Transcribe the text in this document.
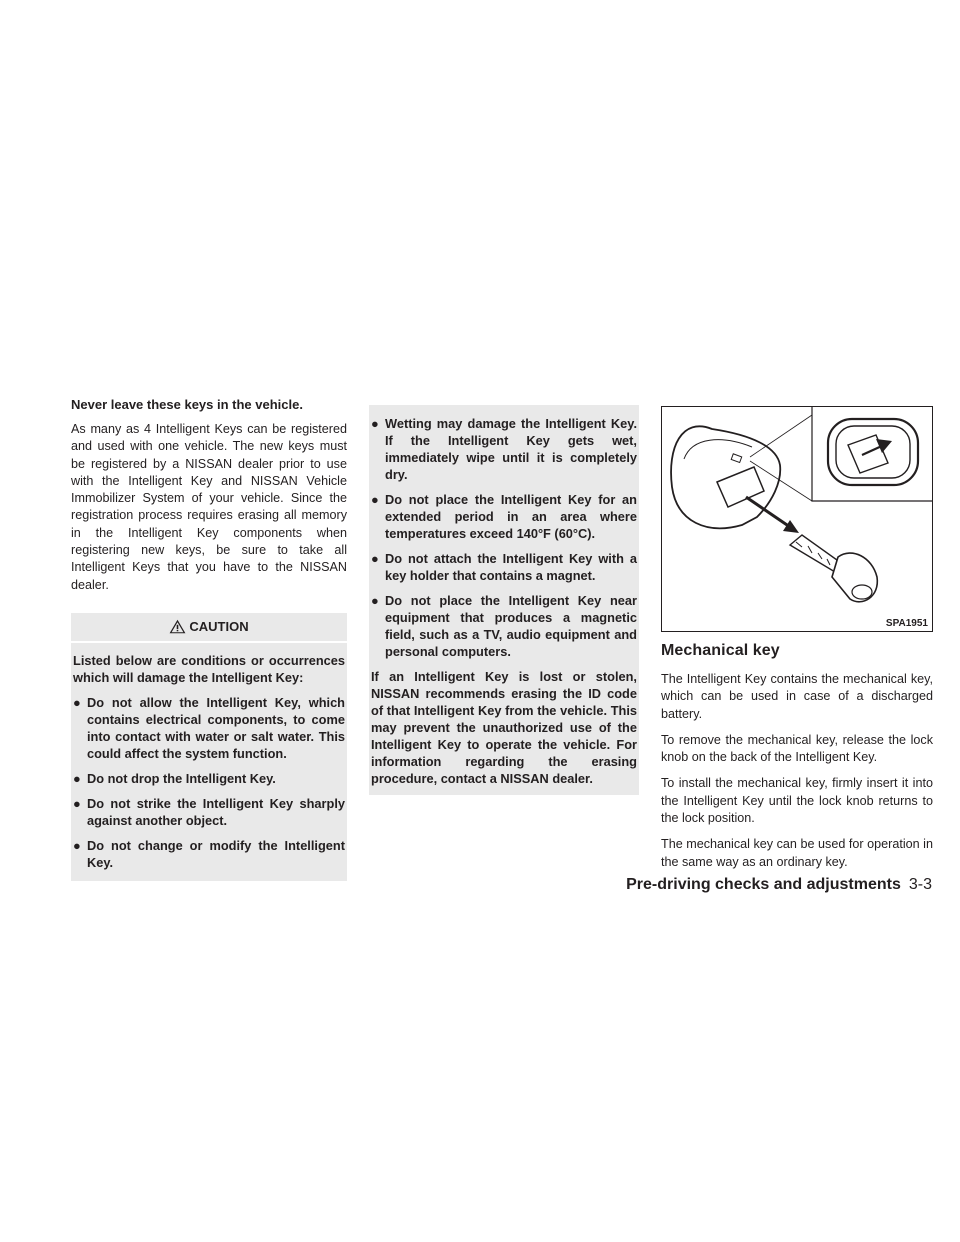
Never leave these keys in the vehicle.

As many as 4 Intelligent Keys can be registered and used with one vehicle. The new keys must be registered by a NISSAN dealer prior to use with the Intelligent Key and NISSAN Vehicle Immobilizer System of your vehicle. Since the registration process requires erasing all memory in the Intelligent Key components when registering new keys, be sure to take all Intelligent Keys that you have to the NISSAN dealer.

CAUTION

Listed below are conditions or occurrences which will damage the Intelligent Key:

● Do not allow the Intelligent Key, which contains electrical components, to come into contact with water or salt water. This could affect the system function.
● Do not drop the Intelligent Key.
● Do not strike the Intelligent Key sharply against another object.
● Do not change or modify the Intelligent Key.
● Wetting may damage the Intelligent Key. If the Intelligent Key gets wet, immediately wipe until it is completely dry.
● Do not place the Intelligent Key for an extended period in an area where temperatures exceed 140°F (60°C).
● Do not attach the Intelligent Key with a key holder that contains a magnet.
● Do not place the Intelligent Key near equipment that produces a magnetic field, such as a TV, audio equipment and personal computers.

If an Intelligent Key is lost or stolen, NISSAN recommends erasing the ID code of that Intelligent Key from the vehicle. This may prevent the unauthorized use of the Intelligent Key to operate the vehicle. For information regarding the erasing procedure, contact a NISSAN dealer.

SPA1951
Mechanical key

The Intelligent Key contains the mechanical key, which can be used in case of a discharged battery.

To remove the mechanical key, release the lock knob on the back of the Intelligent Key.

To install the mechanical key, firmly insert it into the Intelligent Key until the lock knob returns to the lock position.

The mechanical key can be used for operation in the same way as an ordinary key.

Pre-driving checks and adjustments 3-3
